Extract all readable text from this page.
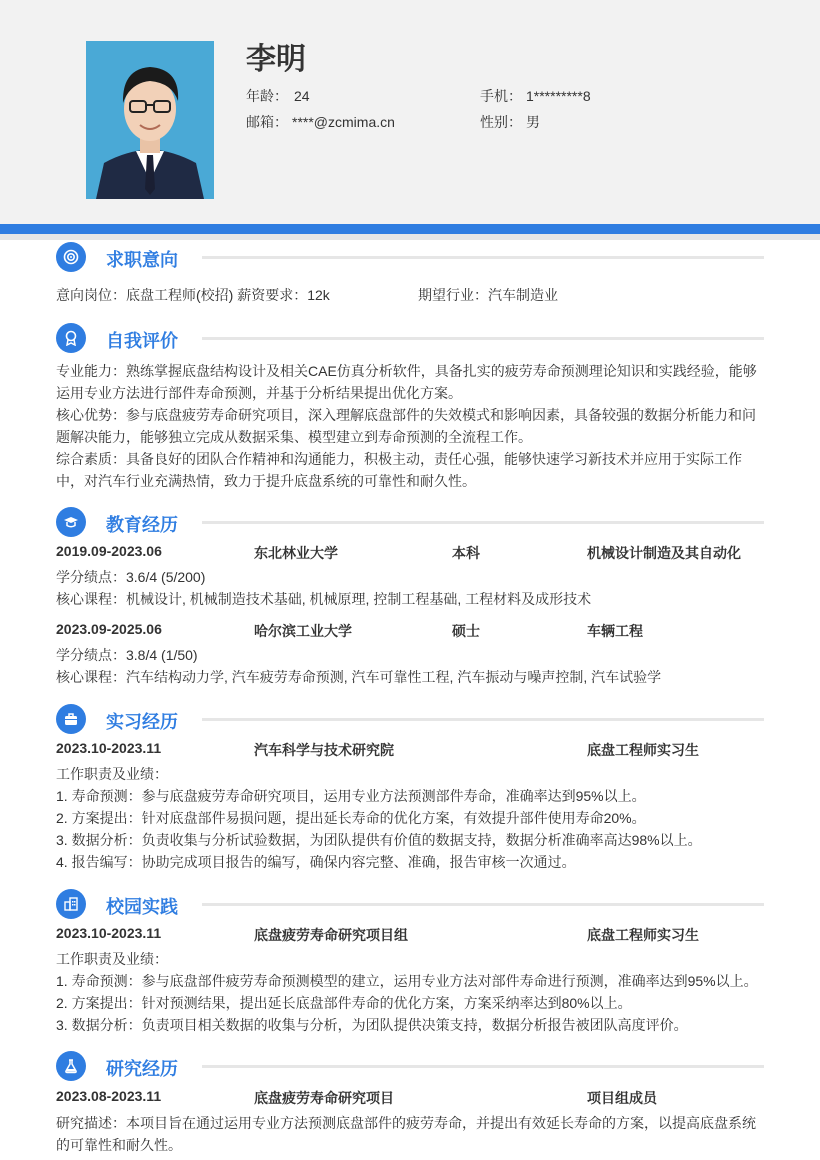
李明
年龄： 24	手机： 1*********8
邮箱： ****@zcmima.cn	性别： 男
求职意向
意向岗位：底盘工程师(校招) 薪资要求：12k	期望行业：汽车制造业
自我评价
专业能力：熟练掌握底盘结构设计及相关CAE仿真分析软件，具备扎实的疲劳寿命预测理论知识和实践经验，能够
运用专业方法进行部件寿命预测，并基于分析结果提出优化方案。
核心优势：参与底盘疲劳寿命研究项目，深入理解底盘部件的失效模式和影响因素，具备较强的数据分析能力和问
题解决能力，能够独立完成从数据采集、模型建立到寿命预测的全流程工作。
综合素质：具备良好的团队合作精神和沟通能力，积极主动，责任心强，能够快速学习新技术并应用于实际工作
中，对汽车行业充满热情，致力于提升底盘系统的可靠性和耐久性。
教育经历
2019.09-2023.06	东北林业大学	本科	机械设计制造及其自动化
学分绩点：3.6/4 (5/200)
核心课程：机械设计, 机械制造技术基础, 机械原理, 控制工程基础, 工程材料及成形技术
2023.09-2025.06	哈尔滨工业大学	硕士	车辆工程
学分绩点：3.8/4 (1/50)
核心课程：汽车结构动力学, 汽车疲劳寿命预测, 汽车可靠性工程, 汽车振动与噪声控制, 汽车试验学
实习经历
2023.10-2023.11	汽车科学与技术研究院	底盘工程师实习生
工作职责及业绩：
1. 寿命预测：参与底盘疲劳寿命研究项目，运用专业方法预测部件寿命，准确率达到95%以上。
2. 方案提出：针对底盘部件易损问题，提出延长寿命的优化方案，有效提升部件使用寿命20%。
3. 数据分析：负责收集与分析试验数据，为团队提供有价值的数据支持，数据分析准确率高达98%以上。
4. 报告编写：协助完成项目报告的编写，确保内容完整、准确，报告审核一次通过。
校园实践
2023.10-2023.11	底盘疲劳寿命研究项目组	底盘工程师实习生
工作职责及业绩：
1. 寿命预测：参与底盘部件疲劳寿命预测模型的建立，运用专业方法对部件寿命进行预测，准确率达到95%以上。
2. 方案提出：针对预测结果，提出延长底盘部件寿命的优化方案，方案采纳率达到80%以上。
3. 数据分析：负责项目相关数据的收集与分析，为团队提供决策支持，数据分析报告被团队高度评价。
研究经历
2023.08-2023.11	底盘疲劳寿命研究项目	项目组成员
研究描述：本项目旨在通过运用专业方法预测底盘部件的疲劳寿命，并提出有效延长寿命的方案，以提高底盘系统
的可靠性和耐久性。
